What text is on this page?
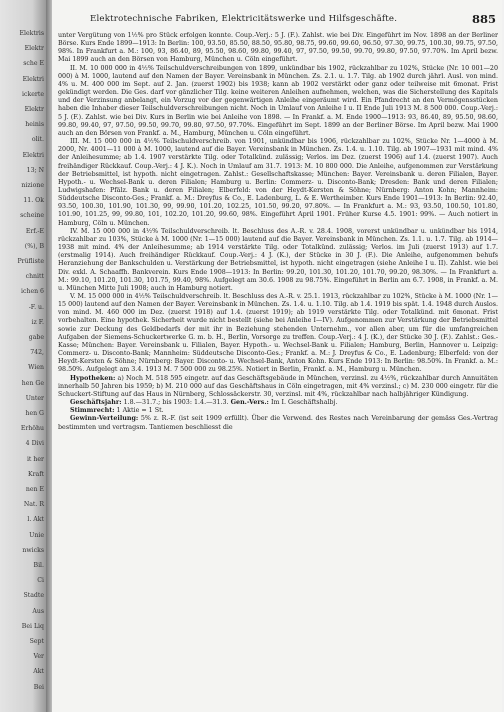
Elektris
Elektr
sche E
Elektri
ickerte
Elektr
heinis
olit.
Elektri
13; N
nizione
11. Ok
scheine
Erf.-E
(%), B
Prüfliste
chnitt
ichen 6
-F. u.
iz F.
gabe
742,
Wien
hen Ge
Unter
hen G
Erhöhu
4 Divi
it her
Kraft
nen E
Nat. R
l. Akt
Unie
nwicks
Bil.
Ci
Stadte
Aus
Bei Liq
Sept
Ver
Akt
Bei
Elektrotechnische Fabriken, Elektricitätswerke und Hilfsgeschäfte.	885

unter Vergütung von 1½% pro Stück erfolgen konnte. Coup.-Verj.: 5 J. (F.). Zahlst. wie bei Div. Eingeführt im Nov. 1898 an der Berliner Börse. Kurs Ende 1899—1913: In Berlin: 100, 93.50, 85.50, 88.50, 95.80, 98.75, 99.60, 99.60, 96.50, 97.30, 99.75, 100.30, 99.75, 97.50, 98%. In Frankfurt a. M.: 100, 93, 86.40, 89, 95.50, 98.60, 99.80, 99.40, 97, 97.50, 99.50, 99.70, 99.80, 97.50, 97.70%. Im April bezw. Mai 1899 auch an den Börsen von Hamburg, München u. Cöln eingeführt.

II. M. 10 000 000 in 4½% Teilschuldverschreibungen von 1899, unkündbar bis 1902, rückzahlbar zu 102%, Stücke (Nr. 10 001—20 000) à M. 1000, lautend auf den Namen der Bayer. Vereinsbank in München. Zs. 2.1. u. 1.7. Tilg. ab 1902 durch jährl. Ausl. von mind. 4% u. M. 400 000 im Sept. auf 2. Jan. (zuerst 1902) bis 1938; kann ab 1902 verstärkt oder ganz oder teilweise mit 6monat. Frist gekündigt werden. Die Ges. darf vor gänzlicher Tilg. keine weiteren Anleihen aufnehmen, welchen, was die Sicherstellung des Kapitals und der Verzinsung anbelangt, ein Vorzug vor der gegenwärtigen Anleihe eingeräumt wird. Ein Pfandrecht an den Vermögensstücken haben die Inhaber dieser Teilschuldverschreibungen nicht. Noch in Umlauf von Anleihe I u. II Ende Juli 1913 M. 8 500 000. Coup.-Verj.: 5 J. (F.). Zahlst. wie bei Div. Kurs in Berlin wie bei Anleihe von 1898. — In Frankf. a. M. Ende 1900—1913: 93, 86.40, 89, 95.50, 98.60, 99.80, 99.40, 97, 97.50, 99.50, 99.70, 99.80, 97.50, 97.70%. Eingeführt im Sept. 1899 an der Berliner Börse. Im April bezw. Mai 1900 auch an den Börsen von Frankf. a. M., Hamburg, München u. Cöln eingeführt.

III. M. 15 000 000 in 4½% Teilschuldverschreib. von 1901, unkündbar bis 1906, rückzahlbar zu 102%, Stücke Nr. 1—4000 à M. 2000, Nr. 4001—11 000 à M. 1000, lautend auf die Bayer. Vereinsbank in München. Zs. 1.4. u. 1.10. Tilg. ab 1907—1931 mit mind. 4% der Anleihesumme; ab 1.4. 1907 verstärkte Tilg. oder Totalkünd. zulässig; Verlos. im Dez. (zuerst 1906) auf 1.4. (zuerst 1907). Auch freihändiger Rückkauf. Coup.-Verj.: 4 J. K.). Noch in Umlauf am 31.7. 1913: M. 10 800 000. Die Anleihe, aufgenommen zur Verstärkung der Betriebsmittel, ist hypoth. nicht eingetragen. Zahlst.: Gesellschaftskasse; München: Bayer. Vereinsbank u. deren Filialen, Bayer. Hypoth.- u. Wechsel-Bank u. deren Filialen; Hamburg u. Berlin: Commerz- u. Disconto-Bank; Dresden: Bank und deren Filialen; Ludwigshafen: Pfälz. Bank u. deren Filialen; Elberfeld: von der Heydt-Kersten & Söhne; Nürnberg: Anton Kohn; Mannheim: Süddeutsche Disconto-Ges.; Frankf. a. M.: Dreyfus & Co., E. Ladenburg, L. & E. Wertheimber. Kurs Ende 1901—1913: In Berlin: 92.40, 93.50, 100.30, 101.90, 101.30, 99, 99.90, 101.20, 102.25, 101.50, 99.20, 97.80%. — In Frankfurt a. M.: 93, 93.50, 100.50, 101.80, 101.90, 101.25, 99, 99.80, 101, 102.20, 101.20, 99.60, 98%. Eingeführt April 1901. Früher Kurse 4.5. 1901: 99%. — Auch notiert in Hamburg, Cöln u. München.

IV. M. 15 000 000 in 4½% Teilschuldverschreib. lt. Beschluss des A.-R. v. 28.4. 1908, vorerst unkündbar u. unkündbar bis 1914, rückzahlbar zu 103%, Stücke à M. 1000 (Nr. 1—15 000) lautend auf die Bayer. Vereinsbank in München. Zs. 1.1. u. 1.7. Tilg. ab 1914—1938 mit mind. 4% der Anleihesumme; ab 1914 verstärkte Tilg. oder Totalkünd. zulässig; Verlos. im Juli (zuerst 1913) auf 1.7. (erstmalig 1914). Auch freihändiger Rückkauf. Coup.-Verj.: 4 J. (K.), der Stücke in 30 J. (F.). Die Anleihe, aufgenommen behufs Heranziehung der Bankschulden u. Verstärkung der Betriebsmittel, ist hypoth. nicht eingetragen (siehe Anleihe I u. II). Zahlst. wie bei Div. exkl. A. Schaaffh. Bankverein. Kurs Ende 1908—1913: In Berlin: 99.20, 101.30, 101.20, 101.70, 99.20, 98.30%. — In Frankfurt a. M.: 99.10, 101.20, 101.30, 101.75, 99.40, 98%. Aufgelegt am 30.6. 1908 zu 98.75%. Eingeführt in Berlin am 6.7. 1908, in Frankf. a. M. u. München Mitte Juli 1908; auch in Hamburg notiert.

V. M. 15 000 000 in 4½% Teilschuldverschreib. lt. Beschluss des A.-R. v. 25.1. 1913, rückzahlbar zu 102%, Stücke à M. 1000 (Nr. 1—15 000) lautend auf den Namen der Bayer. Vereinsbank in München. Zs. 1.4. u. 1.10. Tilg. ab 1.4. 1919 bis spät. 1.4. 1948 durch Auslos. von mind. M. 460 000 im Dez. (zuerst 1918) auf 1.4. (zuerst 1919); ab 1919 verstärkte Tilg. oder Totalkünd. mit 6monat. Frist vorbehalten. Eine hypothek. Sicherheit wurde nicht bestellt (siehe bei Anleihe I—IV). Aufgenommen zur Verstärkung der Betriebsmittel sowie zur Deckung des Geldbedarfs der mit ihr in Beziehung stehenden Unternehm., vor allen aber, um für die umfangreichen Aufgaben der Siemens-Schuckertwerke G. m. b. H., Berlin, Vorsorge zu treffen. Coup.-Verj.: 4 J. (K.), der Stücke 30 J. (F.). Zahlst.: Ges.-Kasse; München: Bayer. Vereinsbank u. Filialen, Bayer. Hypoth.- u. Wechsel-Bank u. Filialen; Hamburg, Berlin, Hannover u. Leipzig: Commerz- u. Disconto-Bank; Mannheim: Süddeutsche Disconto-Ges.; Frankf. a. M.: J. Dreyfus & Co., E. Ladenburg; Elberfeld: von der Heydt-Kersten & Söhne; Nürnberg: Bayer. Disconto- u. Wechsel-Bank, Anton Kohn. Kurs Ende 1913: In Berlin: 98.50%. In Frankf. a. M.: 98.50%. Aufgelegt am 3.4. 1913 M. 7 500 000 zu 98.25%. Notiert in Berlin, Frankf. a. M., Hamburg u. München.

Hypotheken: a) Noch M. 518 595 eingetr. auf das Geschäftsgebäude in München, verzinsl. zu 4½%, rückzahlbar durch Annuitäten innerhalb 50 Jahren bis 1959; b) M. 210 000 auf das Geschäftshaus in Cöln eingetragen, mit 4% verzinsl.; c) M. 230 000 eingetr. für die Schuckert-Stiftung auf das Haus in Nürnberg, Schlossäckerstr. 30, verzinsl. mit 4%, rückzahlbar nach halbjähriger Kündigung.

Geschäftsjahr: 1.8.—31.7.; bis 1903: 1.4.—31.3. Gen.-Vers.: Im I. Geschäftshalbj.

Stimmrecht: 1 Aktie = 1 St.

Gewinn-Verteilung: 5% z. R.-F. (ist seit 1909 erfüllt). Über die Verwend. des Restes nach Vereinbarung der gemäss Ges.-Vertrag bestimmten und vertragsm. Tantiemen beschliesst die
